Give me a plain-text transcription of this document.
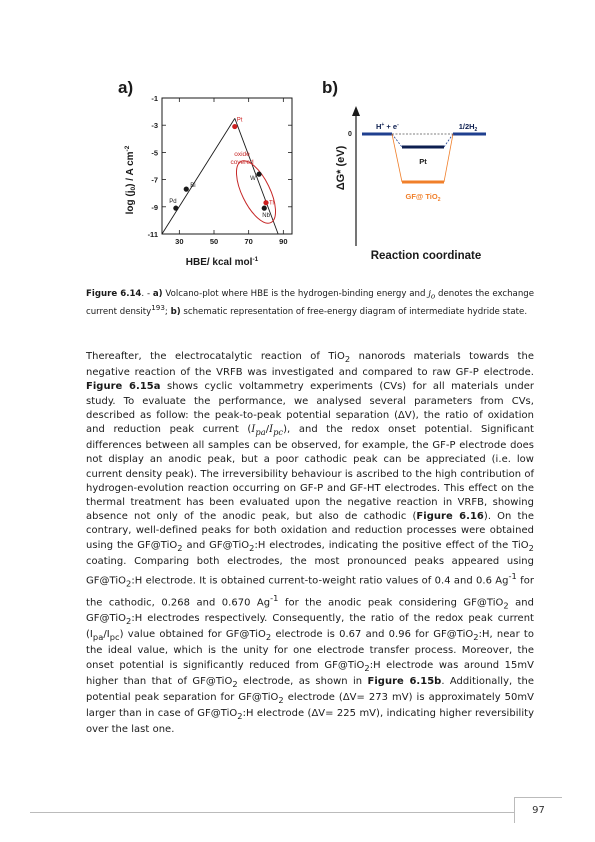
a)	b)
-1
-3
-5
-7
-9
-11
30	50	70	90
oxide
covered
Pt
Pd
Bi
W
Ti
Nb
$\log (j_0)$ / A $cm^{-2}$
HBE/ kcal mol$^{-1}$
ΔG* (eV)
0
H+ + e-	$1/2H_2$
Pt
GF@ TiO$_2$
Reaction coordinate
Figure 6.14. - a) Volcano-plot where HBE is the hydrogen-binding energy and $j_o$ denotes the exchange current density$^{193}$; b) schematic representation of free-energy diagram of intermediate hydride state.
Thereafter, the electrocatalytic reaction of TiO$_2$ nanorods materials towards the negative reaction of the VRFB was investigated and compared to raw GF-P electrode. Figure 6.15a shows cyclic voltammetry experiments (CVs) for all materials under study. To evaluate the performance, we analysed several parameters from CVs, described as follow: the peak-to-peak potential separation (ΔV), the ratio of oxidation and reduction peak current $(I_{pa}/I_{pc})$, and the redox onset potential. Significant differences between all samples can be observed, for example, the GF-P electrode does not display an anodic peak, but a poor cathodic peak can be appreciated (i.e. low current density peak). The irreversibility behaviour is ascribed to the high contribution of hydrogen-evolution reaction occurring on GF-P and GF-HT electrodes. This effect on the thermal treatment has been evaluated upon the negative reaction in VRFB, showing absence not only of the anodic peak, but also de cathodic (Figure 6.16). On the contrary, well-defined peaks for both oxidation and reduction processes were obtained using the GF@TiO$_2$ and GF@TiO$_2$:H electrodes, indicating the positive effect of the TiO$_2$ coating. Comparing both electrodes, the most pronounced peaks appeared using GF@TiO$_2$:H electrode. It is obtained current-to-weight ratio values of 0.4 and 0.6 $Ag^{-1}$ for the cathodic, 0.268 and 0.670 $Ag^{-1}$ for the anodic peak considering GF@TiO$_2$ and GF@TiO$_2$:H electrodes respectively. Consequently, the ratio of the redox peak current $(I_{pa}/I_{pc})$ value obtained for GF@TiO$_2$ electrode is 0.67 and 0.96 for GF@TiO$_2$:H, near to the ideal value, which is the unity for one electrode transfer process. Moreover, the onset potential is significantly reduced from GF@TiO$_2$:H electrode was around 15mV higher than that of GF@TiO$_2$ electrode, as shown in Figure 6.15b. Additionally, the potential peak separation for GF@TiO$_2$ electrode (ΔV= 273 mV) is approximately 50mV larger than in case of GF@TiO$_2$:H electrode (ΔV= 225 mV), indicating higher reversibility over the last one.
97
